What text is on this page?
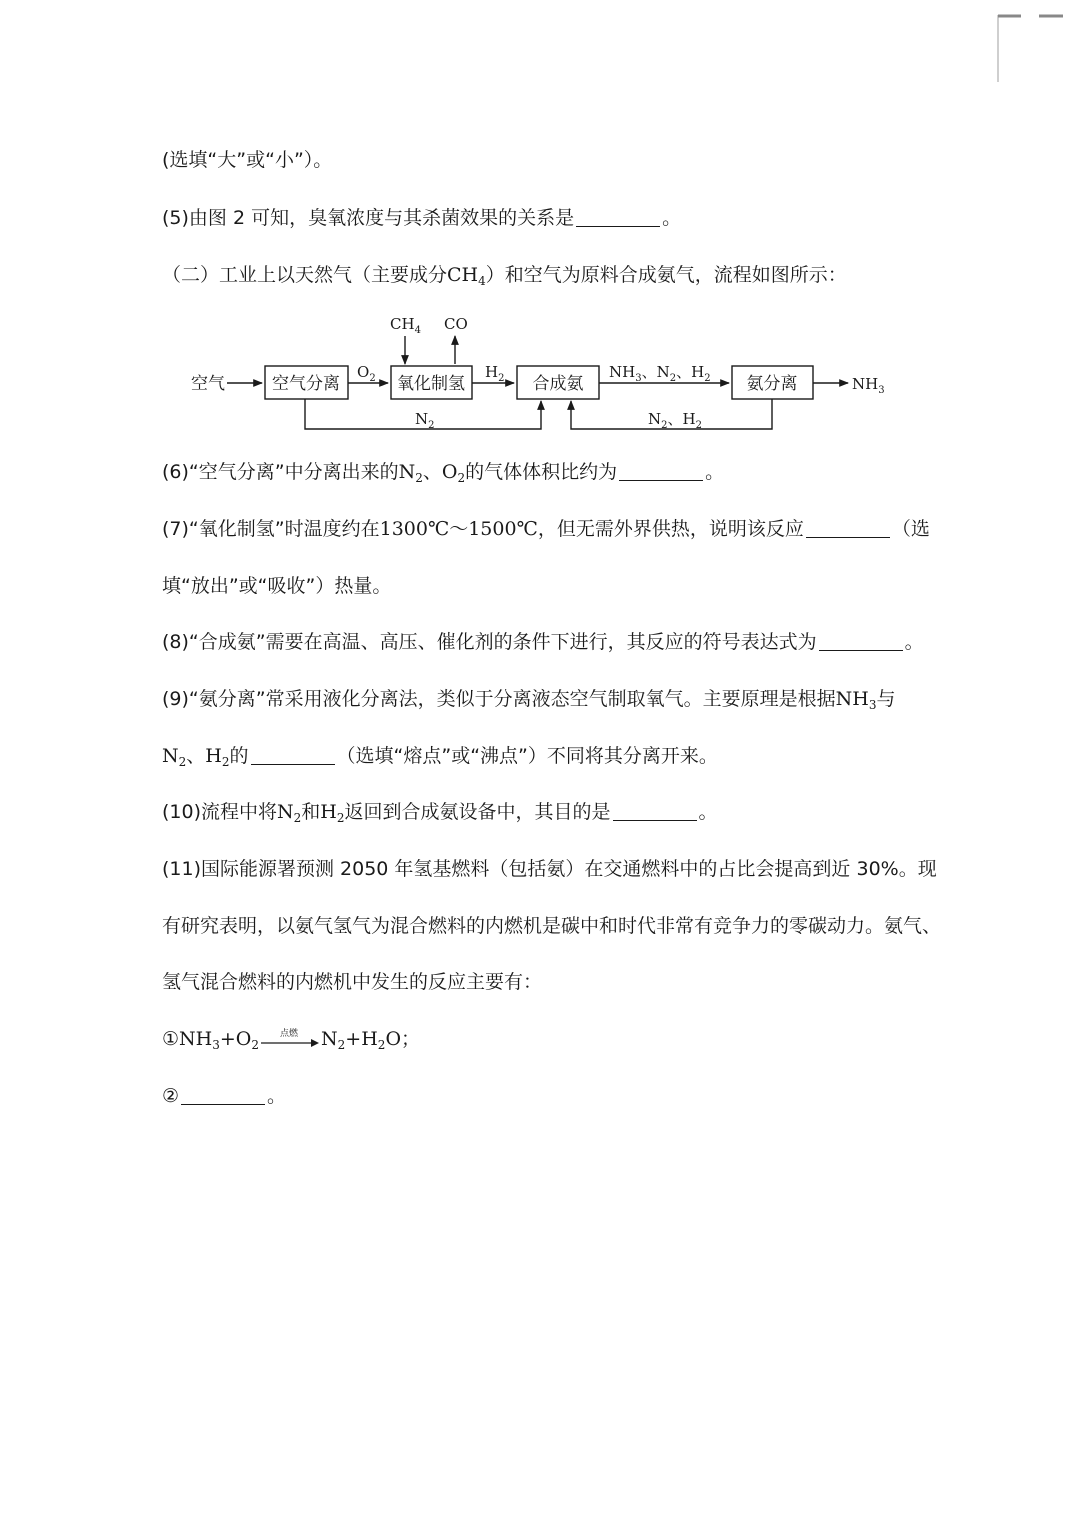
(选填“大”或“小”）。
(5)由图 2 可知，臭氧浓度与其杀菌效果的关系是	。
（二）工业上以天然气（主要成分$CH_4$）和空气为原料合成氨气，流程如图所示：
空气	空气分离
$O_2$ 氧化制氢
$CH_4$ CO
$H_2$ 合成氨
$NH_3$、$N_2$、$H_2$ 氨分离	$NH_3$
$N_2$	$N_2$、$H_2$
(6)“空气分离”中分离出来的$N_2$、$O_2$的气体体积比约为	。
(7)“氧化制氢”时温度约在1300℃～1500℃，但无需外界供热，说明该反应	（选
填“放出”或“吸收”）热量。
(8)“合成氨”需要在高温、高压、催化剂的条件下进行，其反应的符号表达式为	。
(9)“氨分离”常采用液化分离法，类似于分离液态空气制取氧气。主要原理是根据$NH_3$与
$N_2$、$H_2$的	（选填“熔点”或“沸点”）不同将其分离开来。
(10)流程中将$N_2$和$H_2$返回到合成氨设备中，其目的是	。
(11)国际能源署预测 2050 年氢基燃料（包括氨）在交通燃料中的占比会提高到近 30%。现
有研究表明，以氨气氢气为混合燃料的内燃机是碳中和时代非常有竞争力的零碳动力。氨气、
氢气混合燃料的内燃机中发生的反应主要有：
$①NH_3+O_2$
点燃 $N_2+H_2O$；
②	。
